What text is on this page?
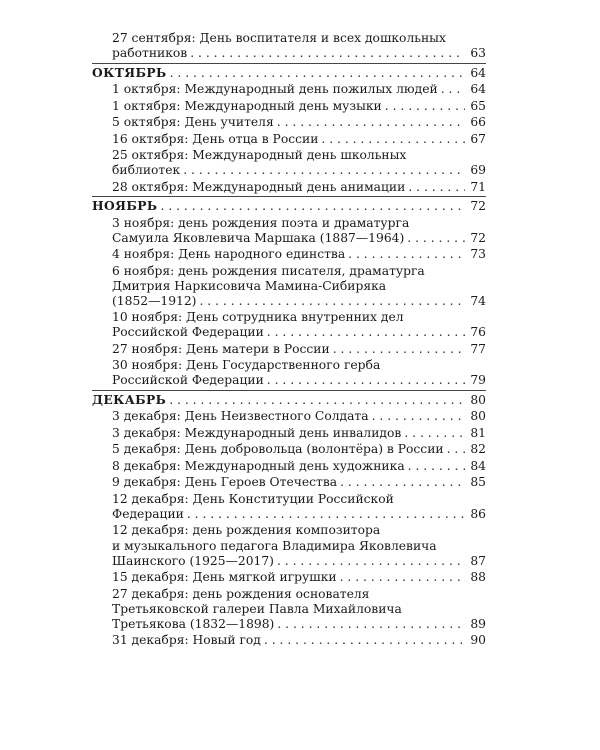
27 сентября: День воспитателя и всех дошкольных
работников . . .	63
ОКТЯБРЬ . . .	64
1 октября: Международный день пожилых людей . . .	64
1 октября: Международный день музыки . . .	65
5 октября: День учителя . . .	66
16 октября: День отца в России . . .	67
25 октября: Международный день школьных
библиотек . . .	69
28 октября: Международный день анимации . . .	71
НОЯБРЬ . . .	72
3 ноября: день рождения поэта и драматурга
Самуила Яковлевича Маршака (1887—1964) . . .	72
4 ноября: День народного единства . . .	73
6 ноября: день рождения писателя, драматурга
Дмитрия Наркисовича Мамина-Сибиряка
(1852—1912) . . .	74
10 ноября: День сотрудника внутренних дел
Российской Федерации . . .	76
27 ноября: День матери в России . . .	77
30 ноября: День Государственного герба
Российской Федерации . . .	79
ДЕКАБРЬ . . .	80
3 декабря: День Неизвестного Солдата . . .	80
3 декабря: Международный день инвалидов . . .	81
5 декабря: День добровольца (волонтёра) в России . . . 82
8 декабря: Международный день художника . . .	84
9 декабря: День Героев Отечества . . .	85
12 декабря: День Конституции Российской
Федерации . . .	86
12 декабря: день рождения композитора
и музыкального педагога Владимира Яковлевича
Шаинского (1925—2017) . . .	87
15 декабря: День мягкой игрушки . . .	88
27 декабря: день рождения основателя
Третьяковской галереи Павла Михайловича
Третьякова (1832—1898) . . .	89
31 декабря: Новый год . . .	90
